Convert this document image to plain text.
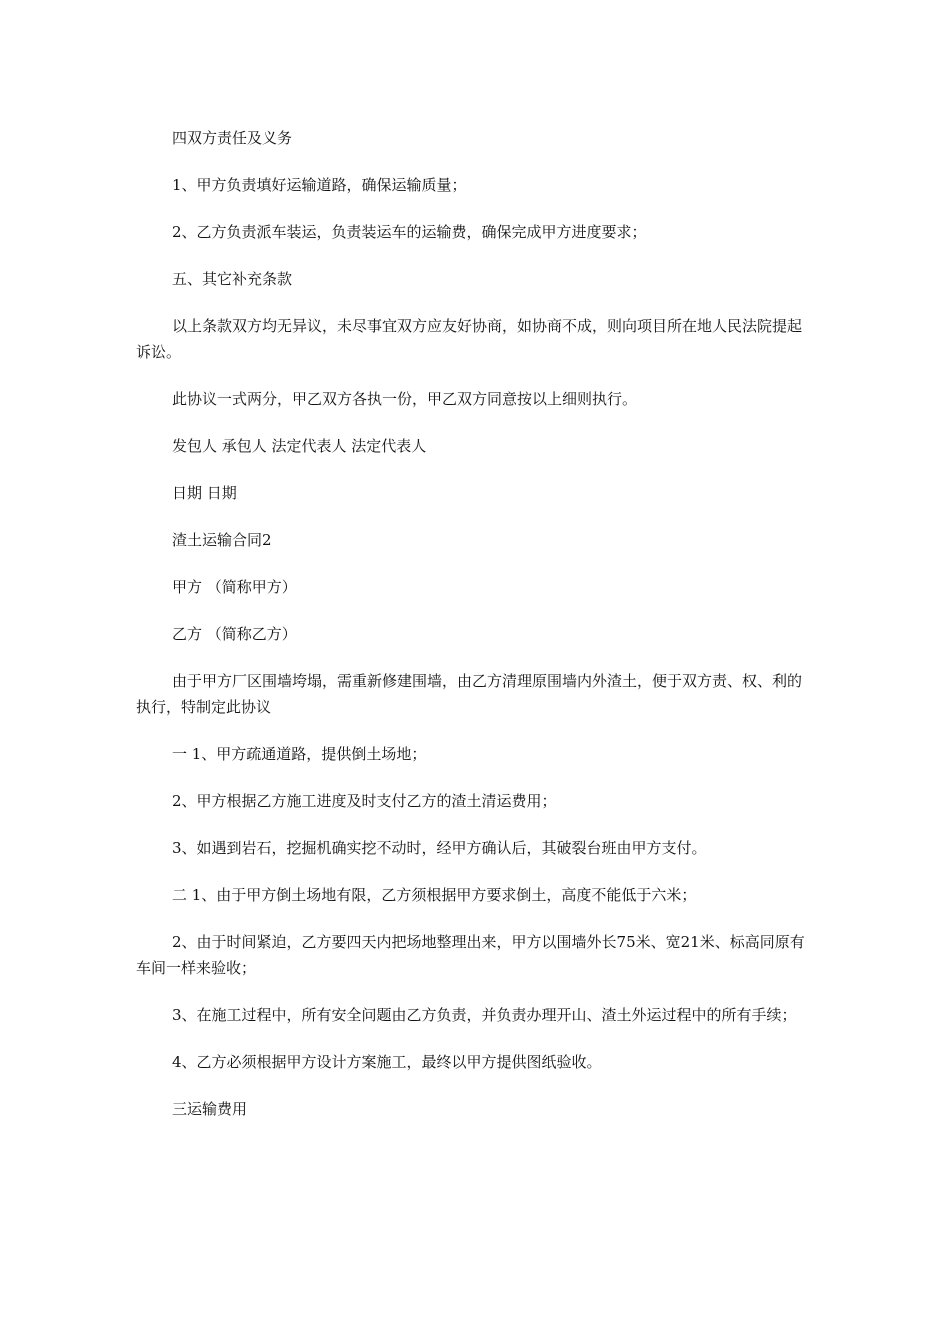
四双方责任及义务

1、甲方负责填好运输道路，确保运输质量；

2、乙方负责派车装运，负责装运车的运输费，确保完成甲方进度要求；

五、其它补充条款

以上条款双方均无异议，未尽事宜双方应友好协商，如协商不成，则向项目所在地人民法院提起诉讼。

此协议一式两分，甲乙双方各执一份，甲乙双方同意按以上细则执行。

发包人 承包人 法定代表人 法定代表人

日期 日期

渣土运输合同2

甲方 （简称甲方）

乙方 （简称乙方）

由于甲方厂区围墙垮塌，需重新修建围墙，由乙方清理原围墙内外渣土，便于双方责、权、利的执行，特制定此协议

一 1、甲方疏通道路，提供倒土场地；

2、甲方根据乙方施工进度及时支付乙方的渣土清运费用；

3、如遇到岩石，挖掘机确实挖不动时，经甲方确认后，其破裂台班由甲方支付。

二 1、由于甲方倒土场地有限，乙方须根据甲方要求倒土，高度不能低于六米；

2、由于时间紧迫，乙方要四天内把场地整理出来，甲方以围墙外长75米、宽21米、标高同原有车间一样来验收；

3、在施工过程中，所有安全问题由乙方负责，并负责办理开山、渣土外运过程中的所有手续；

4、乙方必须根据甲方设计方案施工，最终以甲方提供图纸验收。

三运输费用
